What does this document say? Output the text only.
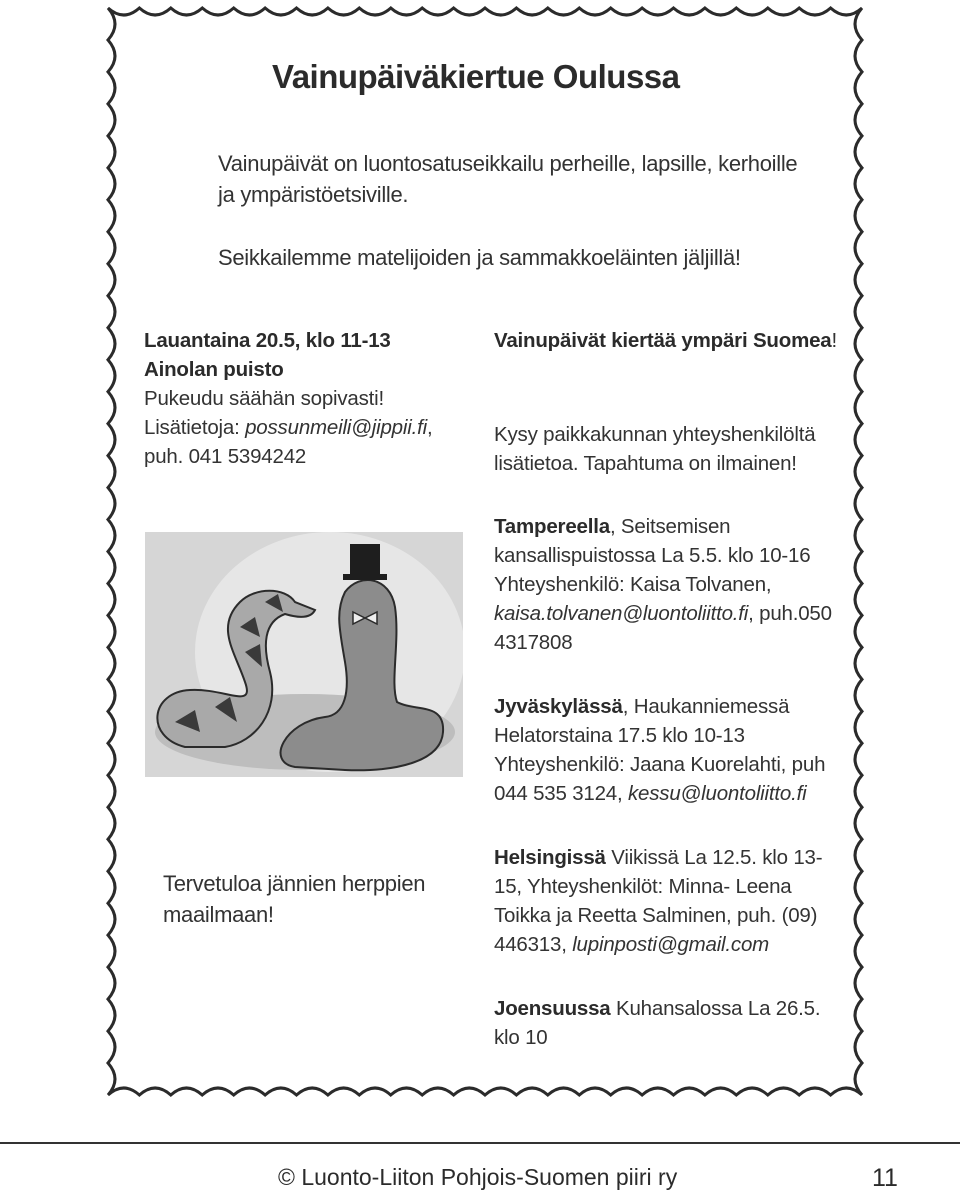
Vainupäiväkiertue Oulussa
Vainupäivät on luontosatuseikkailu perheille, lapsille, kerhoille ja ympäristöetsiville.
Seikkailemme matelijoiden ja sammakkoeläinten jäljillä!
Lauantaina 20.5, klo 11-13
Ainolan puisto
Pukeudu säähän sopivasti!
Lisätietoja: possunmeili@jippii.fi, puh. 041 5394242
Tervetuloa jännien herppien maailmaan!
Vainupäivät kiertää ympäri Suomea!
Kysy paikkakunnan yhteyshenkilöltä lisätietoa. Tapahtuma on ilmainen!
Tampereella, Seitsemisen kansallispuistossa La 5.5. klo 10-16 Yhteyshenkilö: Kaisa Tolvanen, kaisa.tolvanen@luontoliitto.fi, puh.050 4317808
Jyväskylässä, Haukanniemessä Helatorstaina 17.5 klo 10-13 Yhteyshenkilö: Jaana Kuorelahti, puh 044 535 3124, kessu@luontoliitto.fi
Helsingissä Viikissä La 12.5. klo 13-15, Yhteyshenkilöt: Minna- Leena Toikka ja Reetta Salminen, puh. (09) 446313, lupinposti@gmail.com
Joensuussa Kuhansalossa La 26.5. klo 10
© Luonto-Liiton Pohjois-Suomen piiri ry	11
